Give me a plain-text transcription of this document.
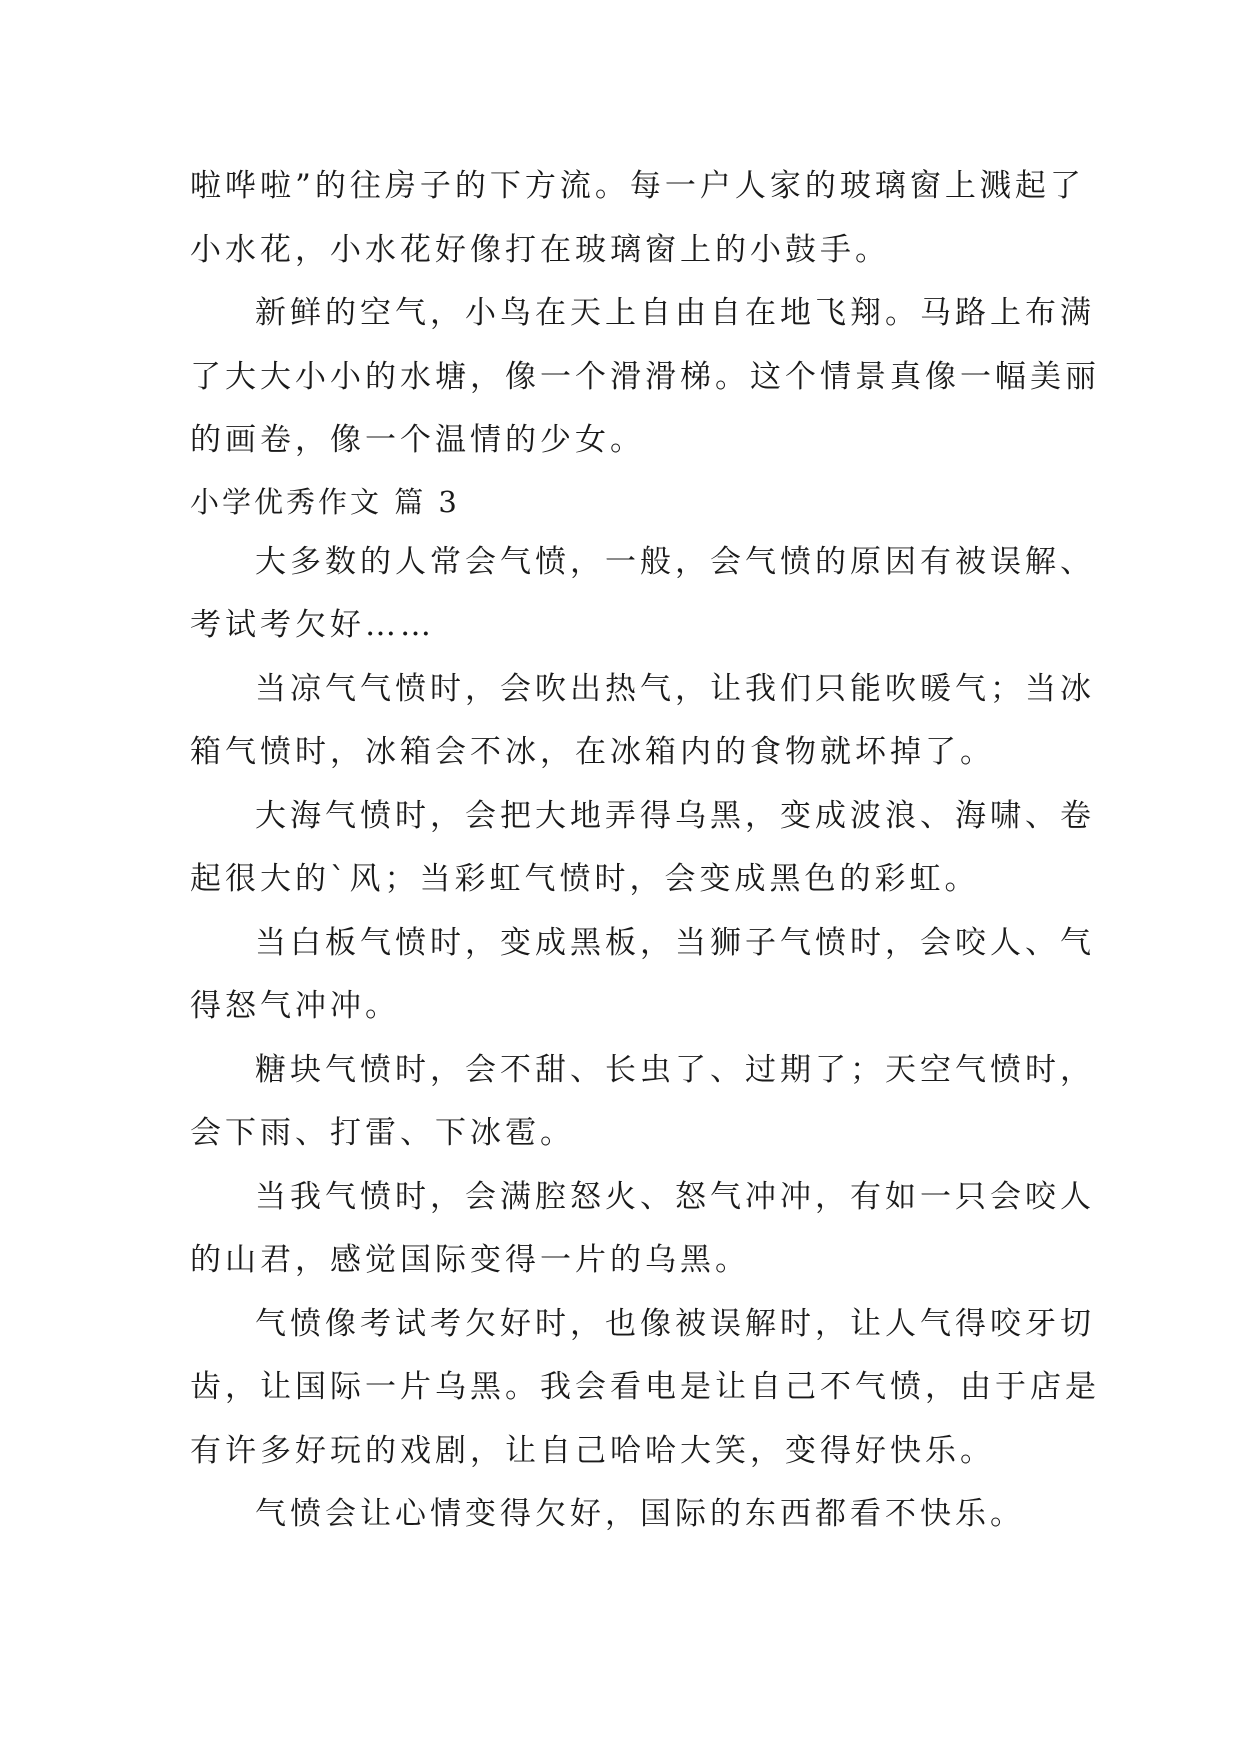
啦哗啦”的往房子的下方流。每一户人家的玻璃窗上溅起了
小水花，小水花好像打在玻璃窗上的小鼓手。
新鲜的空气，小鸟在天上自由自在地飞翔。马路上布满
了大大小小的水塘，像一个滑滑梯。这个情景真像一幅美丽
的画卷，像一个温情的少女。
小学优秀作文 篇 3
大多数的人常会气愤，一般，会气愤的原因有被误解、
考试考欠好……
当凉气气愤时，会吹出热气，让我们只能吹暖气；当冰
箱气愤时，冰箱会不冰，在冰箱内的食物就坏掉了。
大海气愤时，会把大地弄得乌黑，变成波浪、海啸、卷
起很大的`风；当彩虹气愤时，会变成黑色的彩虹。
当白板气愤时，变成黑板，当狮子气愤时，会咬人、气
得怒气冲冲。
糖块气愤时，会不甜、长虫了、过期了；天空气愤时，
会下雨、打雷、下冰雹。
当我气愤时，会满腔怒火、怒气冲冲，有如一只会咬人
的山君，感觉国际变得一片的乌黑。
气愤像考试考欠好时，也像被误解时，让人气得咬牙切
齿，让国际一片乌黑。我会看电是让自己不气愤，由于店是
有许多好玩的戏剧，让自己哈哈大笑，变得好快乐。
气愤会让心情变得欠好，国际的东西都看不快乐。
